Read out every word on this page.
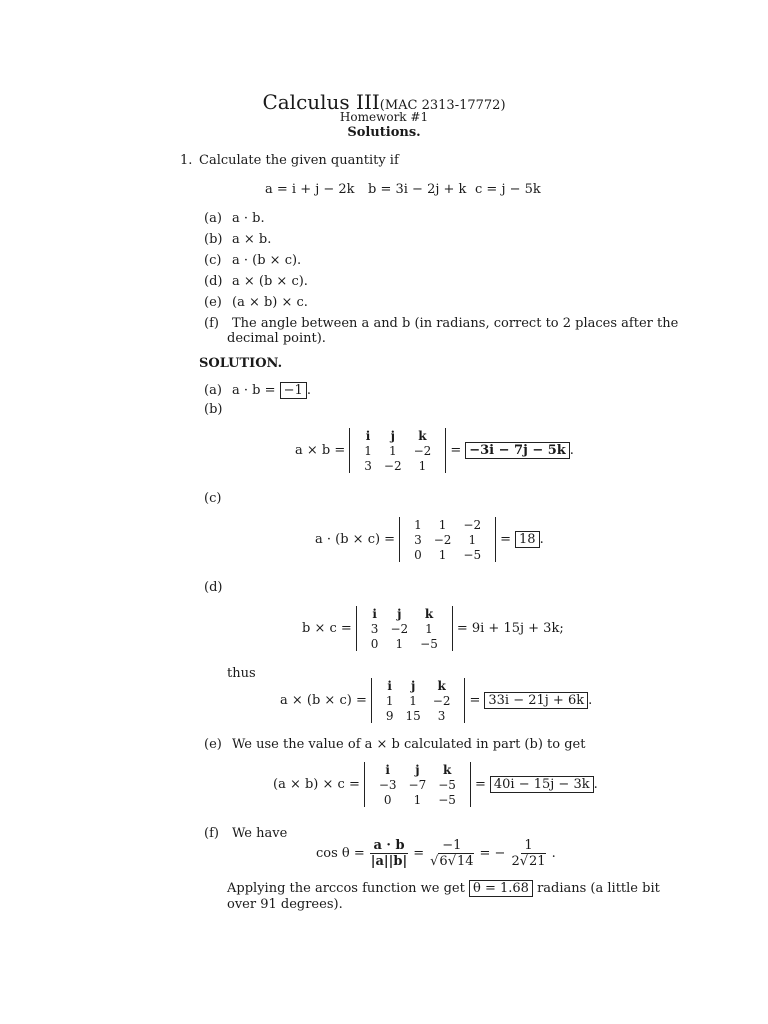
Calculus III(MAC 2313-17772)
Homework #1
Solutions.
1. Calculate the given quantity if
a = i + j − 2k b = 3i − 2j + k c = j − 5k
(a) a · b.
(b) a × b.
(c) a · (b × c).
(d) a × (b × c).
(e) (a × b) × c.
(f) The angle between a and b (in radians, correct to 2 places after the
decimal point).
SOLUTION.
(a) a · b = −1 .
(b)
a × b =
i	j	k
1	1	−2
3	−2	1
= −3i − 7j − 5k .
(c)
a · (b × c) =
1	1	−2
3	−2	1
0	1	−5
= 18 .
(d)
b × c =
i	j	k
3	−2	1
0	1	−5
= 9i + 15j + 3k;
thus
a × (b × c) =
i	j	k
1	1	−2
9	15	3
= 33i − 21j + 6k .
(e) We use the value of a × b calculated in part (b) to get
(a × b) × c =
i	j	k
−3	−7	−5
0	1	−5
= 40i − 15j − 3k .
(f) We have
$\cos \theta = \frac{a \cdot b}{|a||b|} = \frac{-1}{√6√14}$ = − $\frac{1}{2√21}$ .
Applying the arccos function we get θ = 1.68 radians (a little bit
over 91 degrees).
